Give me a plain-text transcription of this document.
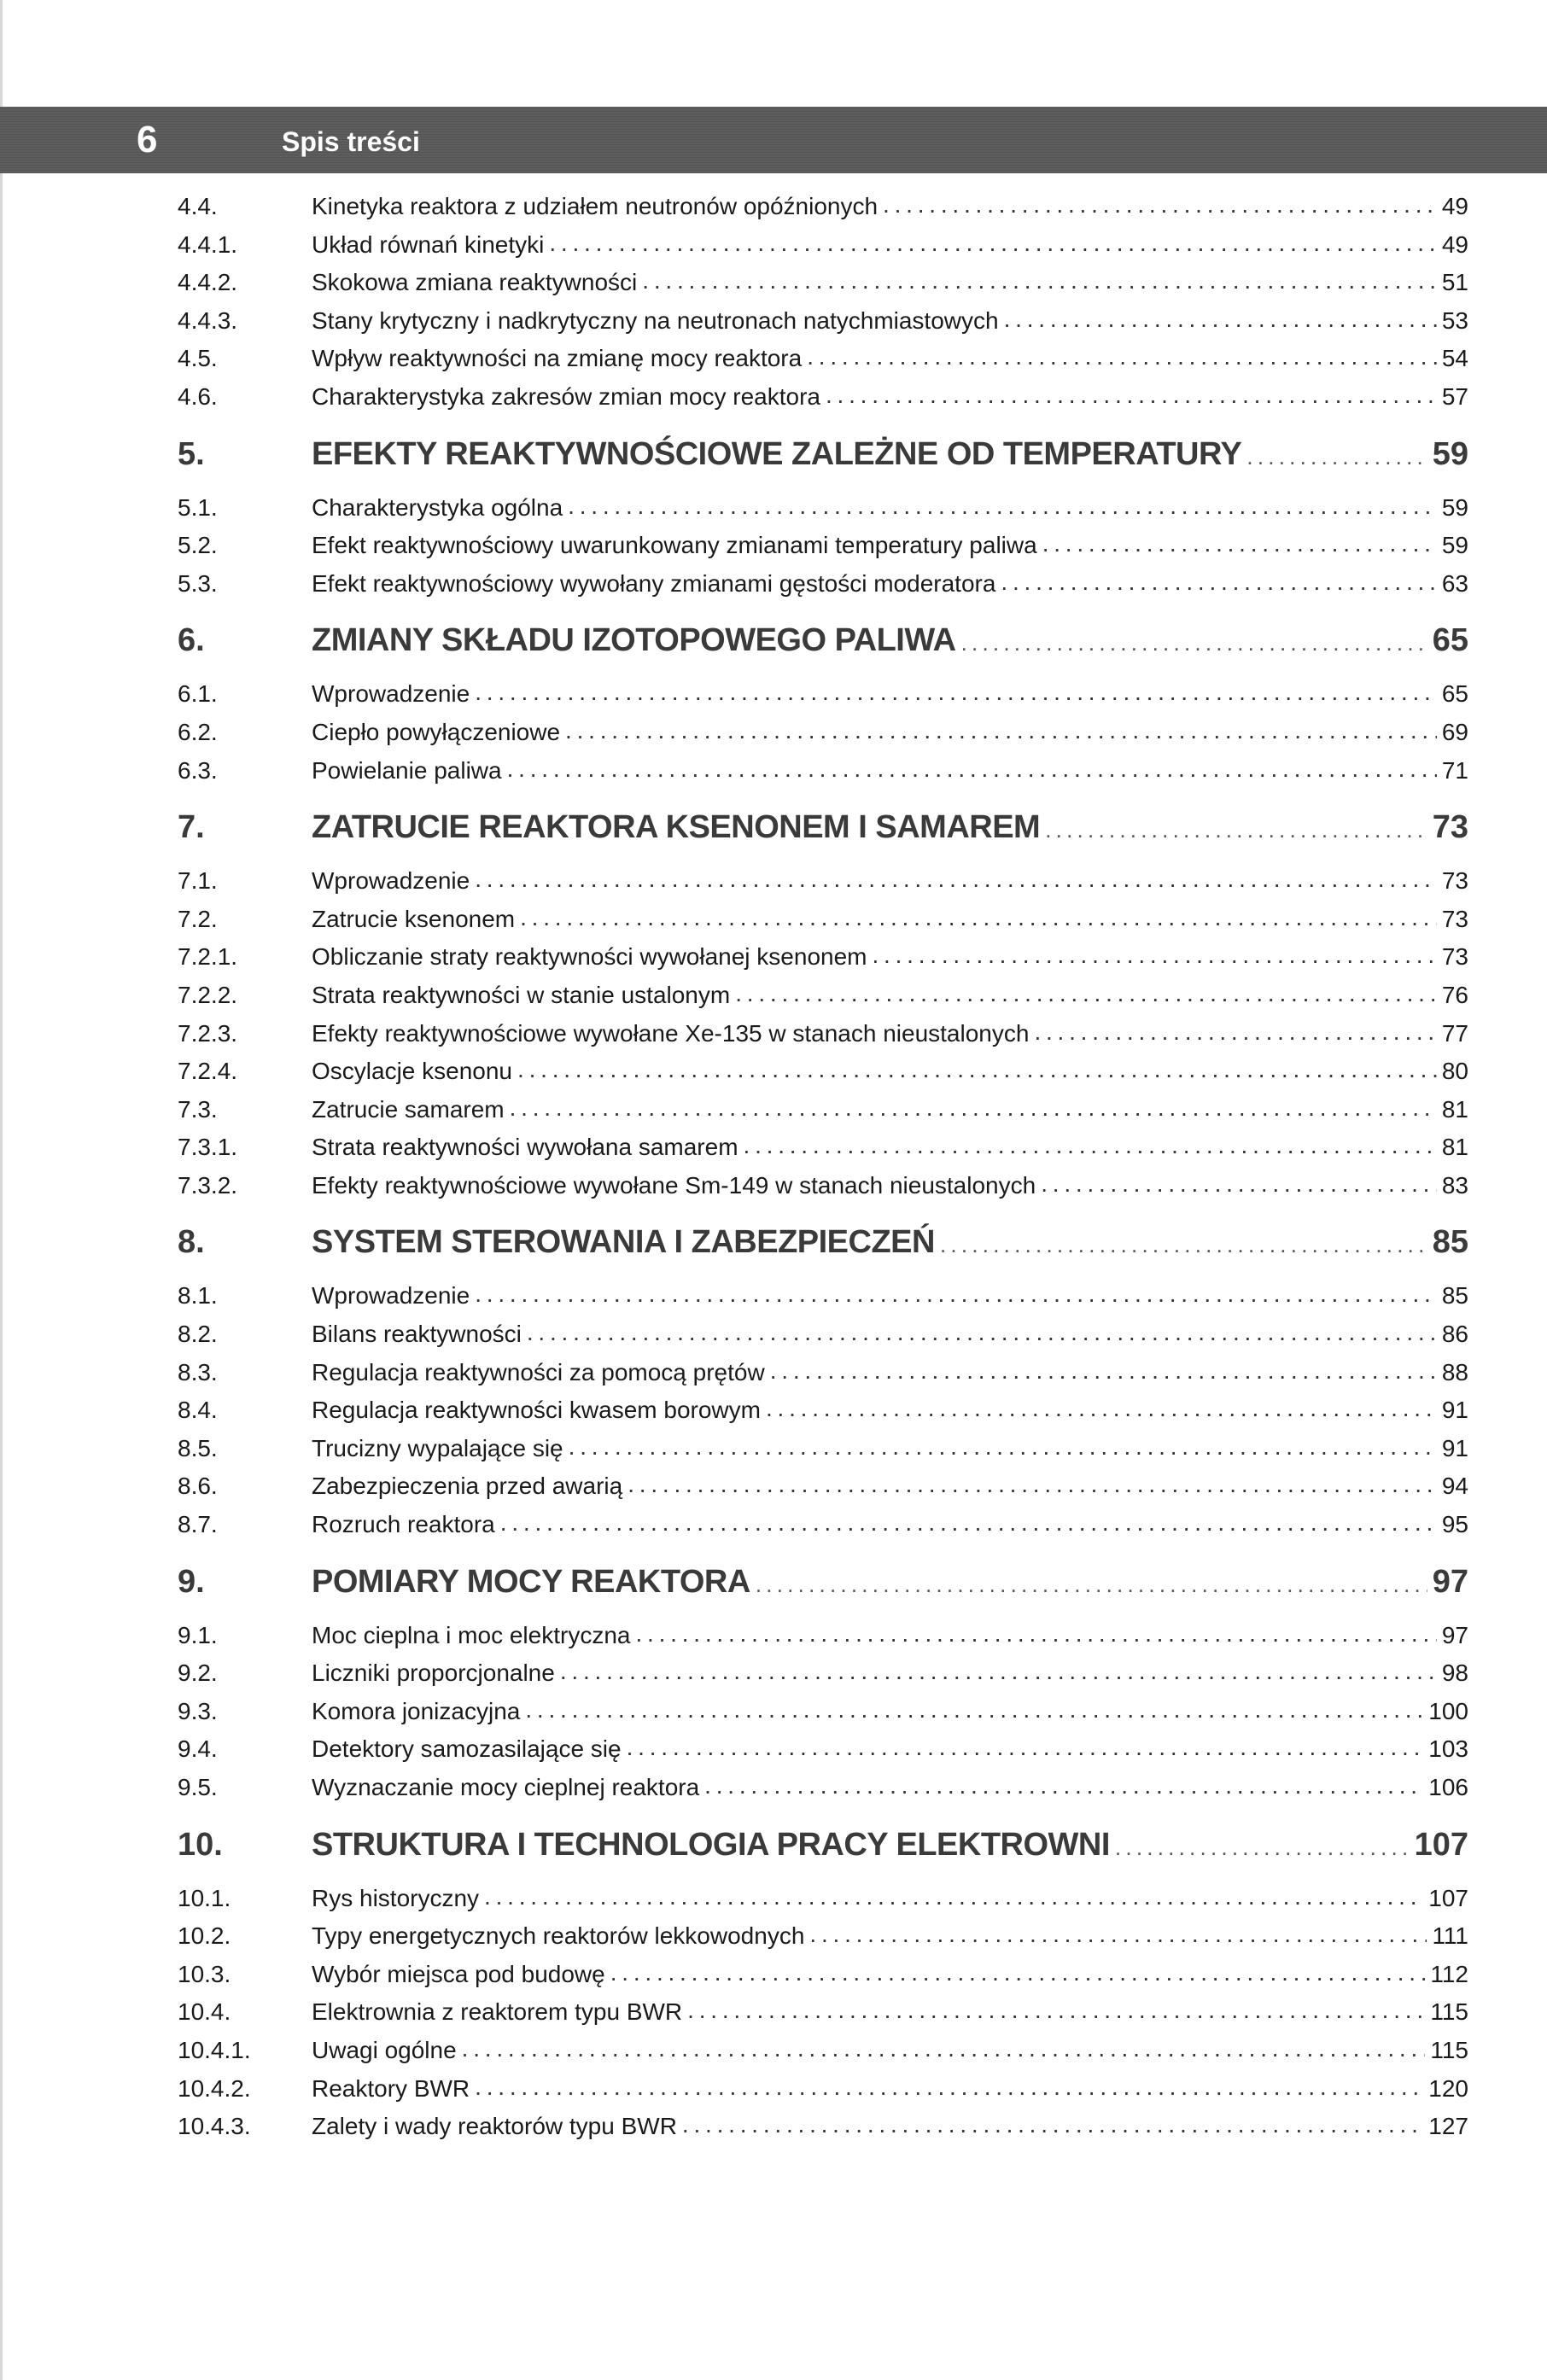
6	Spis treści
4.4.	Kinetyka reaktora z udziałem neutronów opóźnionych . . .	49
4.4.1.	Układ równań kinetyki . . .	49
4.4.2.	Skokowa zmiana reaktywności . . .	51
4.4.3.	Stany krytyczny i nadkrytyczny na neutronach natychmiastowych . . .	53
4.5.	Wpływ reaktywności na zmianę mocy reaktora . . .	54
4.6.	Charakterystyka zakresów zmian mocy reaktora . . .	57
5.	EFEKTY REAKTYWNOŚCIOWE ZALEŻNE OD TEMPERATURY . . .	59
5.1.	Charakterystyka ogólna . . .	59
5.2.	Efekt reaktywnościowy uwarunkowany zmianami temperatury paliwa . . .	59
5.3.	Efekt reaktywnościowy wywołany zmianami gęstości moderatora . . .	63
6.	ZMIANY SKŁADU IZOTOPOWEGO PALIWA . . .	65
6.1.	Wprowadzenie . . .	65
6.2.	Ciepło powyłączeniowe . . .	69
6.3.	Powielanie paliwa . . .	71
7.	ZATRUCIE REAKTORA KSENONEM I SAMAREM . . .	73
7.1.	Wprowadzenie . . .	73
7.2.	Zatrucie ksenonem . . .	73
7.2.1.	Obliczanie straty reaktywności wywołanej ksenonem . . .	73
7.2.2.	Strata reaktywności w stanie ustalonym . . .	76
7.2.3.	Efekty reaktywnościowe wywołane Xe-135 w stanach nieustalonych . . .	77
7.2.4.	Oscylacje ksenonu . . .	80
7.3.	Zatrucie samarem . . .	81
7.3.1.	Strata reaktywności wywołana samarem . . .	81
7.3.2.	Efekty reaktywnościowe wywołane Sm-149 w stanach nieustalonych . . .	83
8.	SYSTEM STEROWANIA I ZABEZPIECZEŃ . . .	85
8.1.	Wprowadzenie . . .	85
8.2.	Bilans reaktywności . . .	86
8.3.	Regulacja reaktywności za pomocą prętów . . .	88
8.4.	Regulacja reaktywności kwasem borowym . . .	91
8.5.	Trucizny wypalające się . . .	91
8.6.	Zabezpieczenia przed awarią . . .	94
8.7.	Rozruch reaktora . . .	95
9.	POMIARY MOCY REAKTORA . . .	97
9.1.	Moc cieplna i moc elektryczna . . .	97
9.2.	Liczniki proporcjonalne . . .	98
9.3.	Komora jonizacyjna . . .	100
9.4.	Detektory samozasilające się . . .	103
9.5.	Wyznaczanie mocy cieplnej reaktora . . .	106
10.	STRUKTURA I TECHNOLOGIA PRACY ELEKTROWNI . . .	107
10.1.	Rys historyczny . . .	107
10.2.	Typy energetycznych reaktorów lekkowodnych . . .	111
10.3.	Wybór miejsca pod budowę . . .	112
10.4.	Elektrownia z reaktorem typu BWR . . .	115
10.4.1.	Uwagi ogólne . . .	115
10.4.2.	Reaktory BWR . . .	120
10.4.3.	Zalety i wady reaktorów typu BWR . . .	127
